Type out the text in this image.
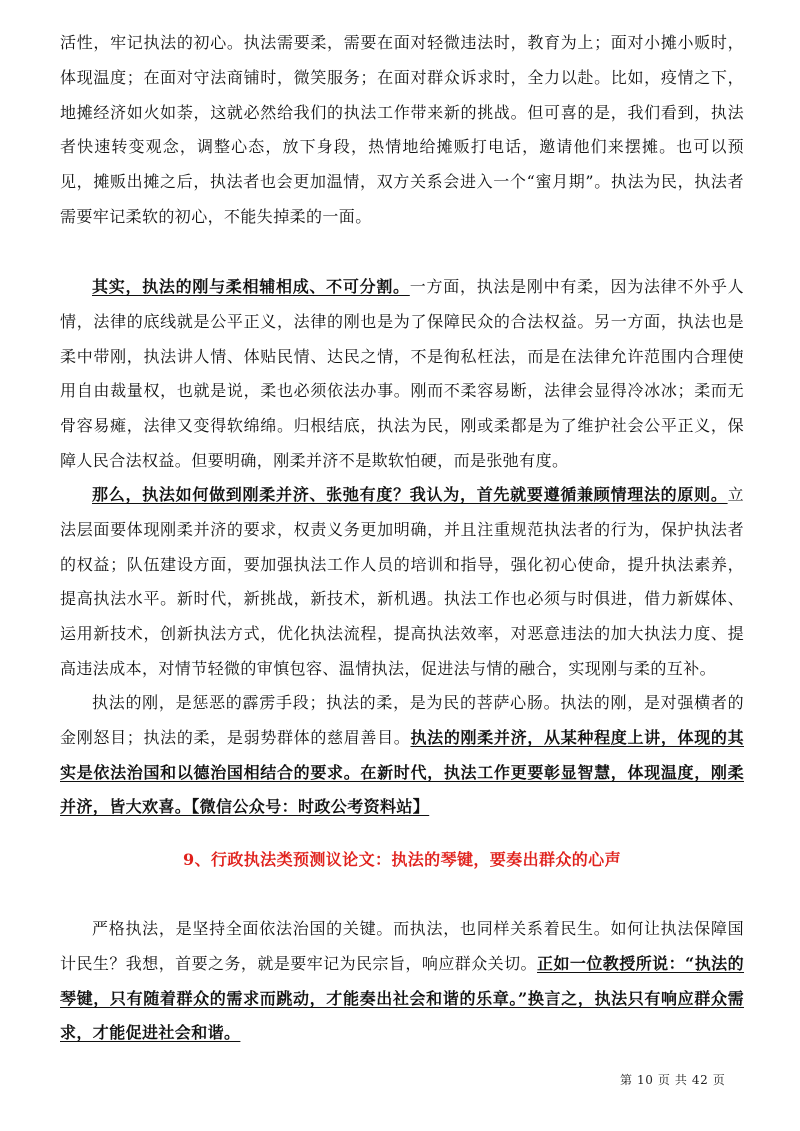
活性，牢记执法的初心。执法需要柔，需要在面对轻微违法时，教育为上；面对小摊小贩时，体现温度；在面对守法商铺时，微笑服务；在面对群众诉求时，全力以赴。比如，疫情之下，地摊经济如火如荼，这就必然给我们的执法工作带来新的挑战。但可喜的是，我们看到，执法者快速转变观念，调整心态，放下身段，热情地给摊贩打电话，邀请他们来摆摊。也可以预见，摊贩出摊之后，执法者也会更加温情，双方关系会进入一个“蜜月期”。执法为民，执法者需要牢记柔软的初心，不能失掉柔的一面。

其实，执法的刚与柔相辅相成、不可分割。一方面，执法是刚中有柔，因为法律不外乎人情，法律的底线就是公平正义，法律的刚也是为了保障民众的合法权益。另一方面，执法也是柔中带刚，执法讲人情、体贴民情、达民之情，不是徇私枉法，而是在法律允许范围内合理使用自由裁量权，也就是说，柔也必须依法办事。刚而不柔容易断，法律会显得冷冰冰；柔而无骨容易瘫，法律又变得软绵绵。归根结底，执法为民，刚或柔都是为了维护社会公平正义，保障人民合法权益。但要明确，刚柔并济不是欺软怕硬，而是张弛有度。

那么，执法如何做到刚柔并济、张弛有度？我认为，首先就要遵循兼顾情理法的原则。立法层面要体现刚柔并济的要求，权责义务更加明确，并且注重规范执法者的行为，保护执法者的权益；队伍建设方面，要加强执法工作人员的培训和指导，强化初心使命，提升执法素养，提高执法水平。新时代，新挑战，新技术，新机遇。执法工作也必须与时俱进，借力新媒体、运用新技术，创新执法方式，优化执法流程，提高执法效率，对恶意违法的加大执法力度、提高违法成本，对情节轻微的审慎包容、温情执法，促进法与情的融合，实现刚与柔的互补。

执法的刚，是惩恶的霹雳手段；执法的柔，是为民的菩萨心肠。执法的刚，是对强横者的金刚怒目；执法的柔，是弱势群体的慈眉善目。执法的刚柔并济，从某种程度上讲，体现的其实是依法治国和以德治国相结合的要求。在新时代，执法工作更要彰显智慧，体现温度，刚柔并济，皆大欢喜。【微信公众号：时政公考资料站】

9、行政执法类预测议论文：执法的琴键，要奏出群众的心声

严格执法，是坚持全面依法治国的关键。而执法，也同样关系着民生。如何让执法保障国计民生？我想，首要之务，就是要牢记为民宗旨，响应群众关切。正如一位教授所说：“执法的琴键，只有随着群众的需求而跳动，才能奏出社会和谐的乐章。”换言之，执法只有响应群众需求，才能促进社会和谐。

第 10 页 共 42 页
